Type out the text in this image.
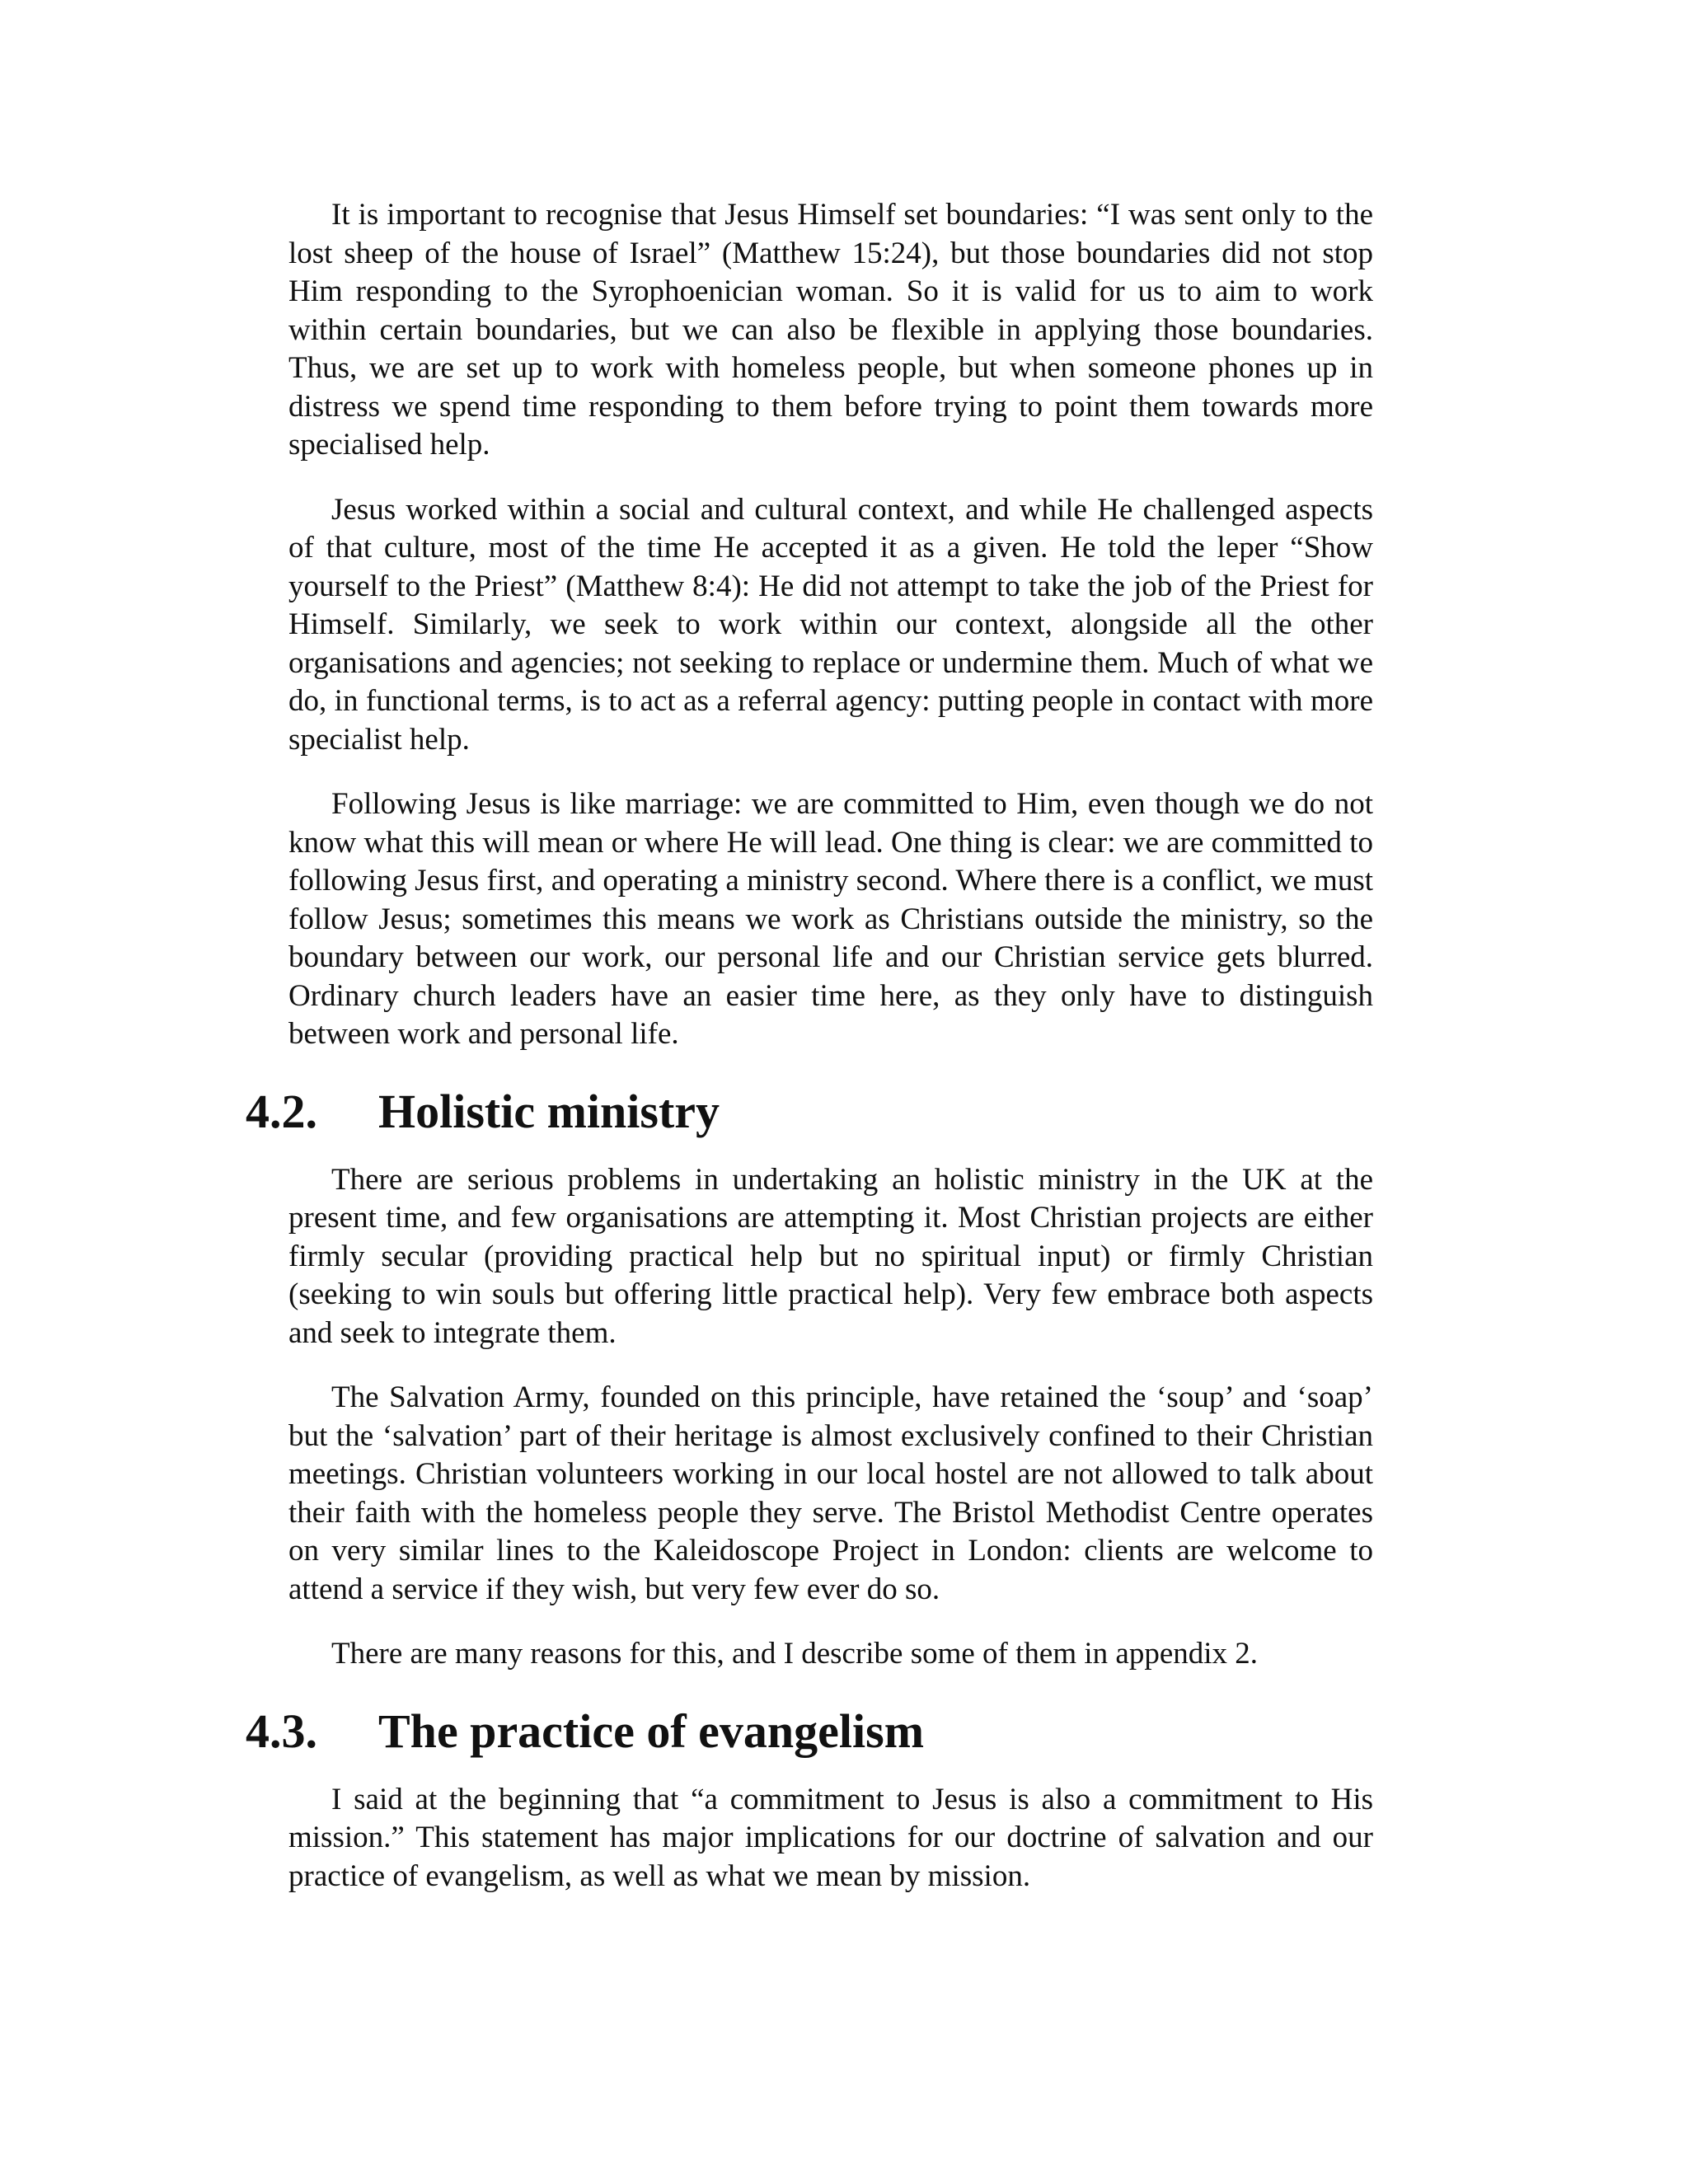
It is important to recognise that Jesus Himself set boundaries: “I was sent only to the lost sheep of the house of Israel” (Matthew 15:24), but those boundaries did not stop Him responding to the Syrophoenician woman. So it is valid for us to aim to work within certain boundaries, but we can also be flexible in applying those boundaries. Thus, we are set up to work with homeless people, but when someone phones up in distress we spend time responding to them before trying to point them towards more specialised help.

Jesus worked within a social and cultural context, and while He challenged aspects of that culture, most of the time He accepted it as a given. He told the leper “Show yourself to the Priest” (Matthew 8:4): He did not attempt to take the job of the Priest for Himself. Similarly, we seek to work within our context, alongside all the other organisations and agencies; not seeking to replace or undermine them. Much of what we do, in functional terms, is to act as a referral agency: putting people in contact with more specialist help.

Following Jesus is like marriage: we are committed to Him, even though we do not know what this will mean or where He will lead. One thing is clear: we are committed to following Jesus first, and operating a ministry second. Where there is a conflict, we must follow Jesus; sometimes this means we work as Christians outside the ministry, so the boundary between our work, our personal life and our Christian service gets blurred. Ordinary church leaders have an easier time here, as they only have to distinguish between work and personal life.

4.2. Holistic ministry

There are serious problems in undertaking an holistic ministry in the UK at the present time, and few organisations are attempting it. Most Christian projects are either firmly secular (providing practical help but no spiritual input) or firmly Christian (seeking to win souls but offering little practical help). Very few embrace both aspects and seek to integrate them.

The Salvation Army, founded on this principle, have retained the ‘soup’ and ‘soap’ but the ‘salvation’ part of their heritage is almost exclusively confined to their Christian meetings. Christian volunteers working in our local hostel are not allowed to talk about their faith with the homeless people they serve. The Bristol Methodist Centre operates on very similar lines to the Kaleidoscope Project in London: clients are welcome to attend a service if they wish, but very few ever do so.

There are many reasons for this, and I describe some of them in appendix 2.

4.3. The practice of evangelism

I said at the beginning that “a commitment to Jesus is also a commitment to His mission.” This statement has major implications for our doctrine of salvation and our practice of evangelism, as well as what we mean by mission.
